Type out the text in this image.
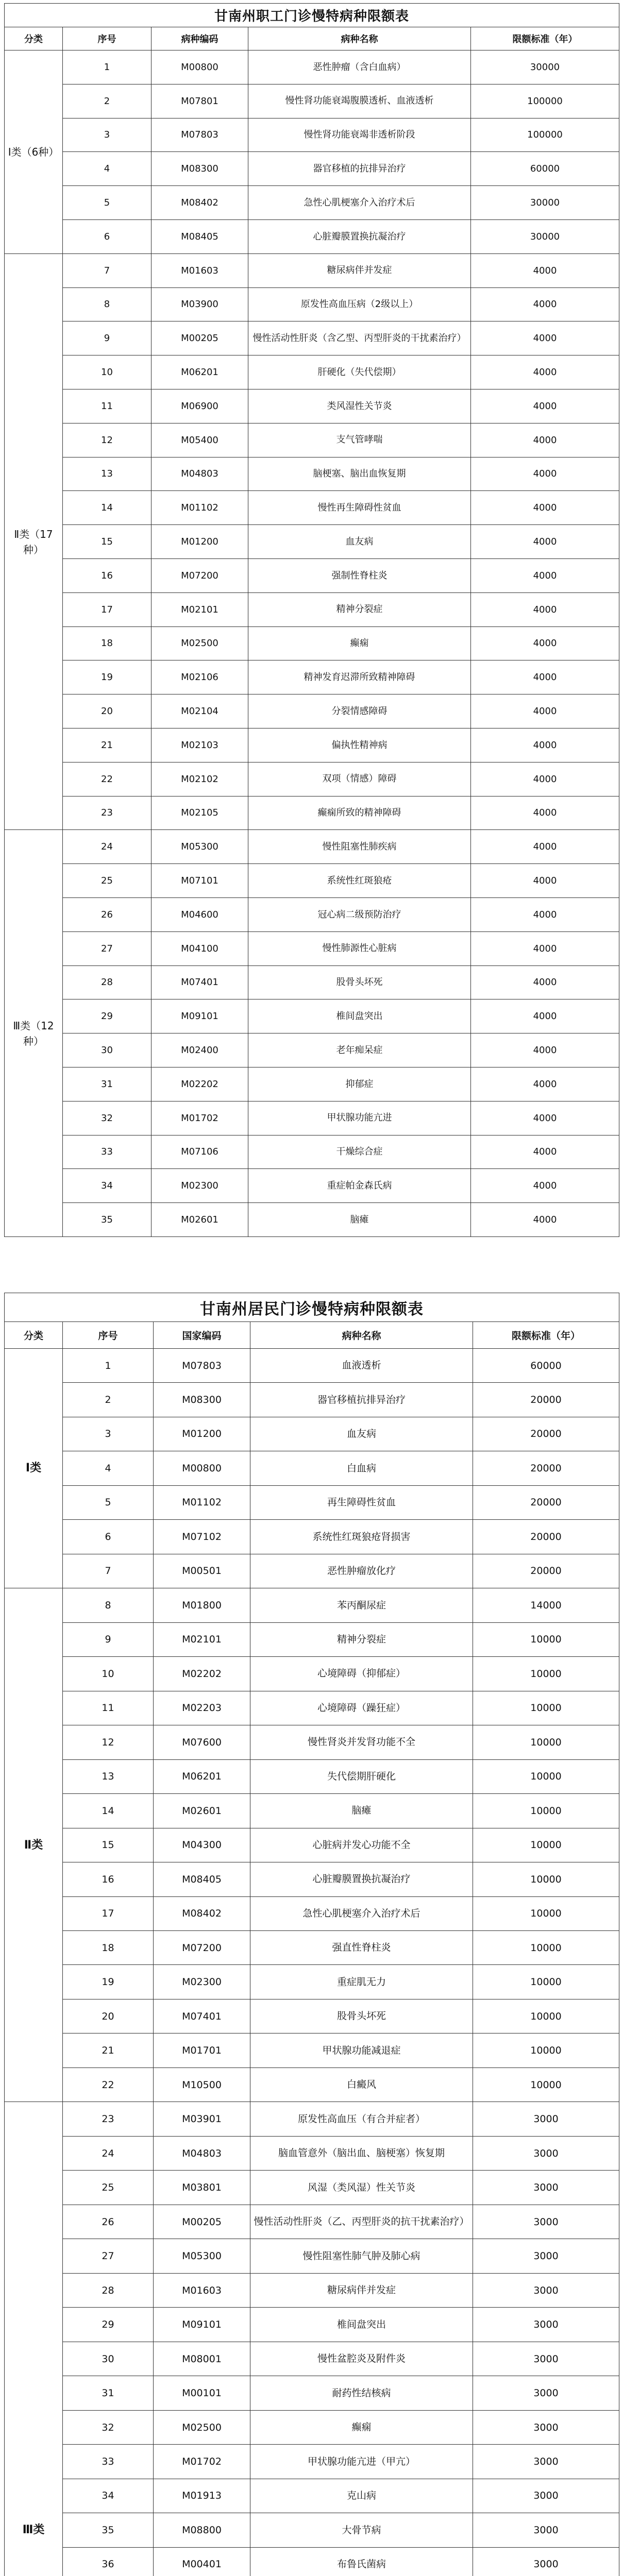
甘南州职工门诊慢特病种限额表				
分类	序号	病种编码	病种名称	限额标准（年）
Ⅰ类（6种）	1	M00800	恶性肿瘤（含白血病）	30000
	2	M07801	慢性肾功能衰竭腹膜透析、血液透析	100000
	3	M07803	慢性肾功能衰竭非透析阶段	100000
	4	M08300	器官移植的抗排异治疗	60000
	5	M08402	急性心肌梗塞介入治疗术后	30000
	6	M08405	心脏瓣膜置换抗凝治疗	30000
Ⅱ类（17种）	7	M01603	糖尿病伴并发症	4000
	8	M03900	原发性高血压病（2级以上）	4000
	9	M00205	慢性活动性肝炎（含乙型、丙型肝炎的干扰素治疗）	4000
	10	M06201	肝硬化（失代偿期）	4000
	11	M06900	类风湿性关节炎	4000
	12	M05400	支气管哮喘	4000
	13	M04803	脑梗塞、脑出血恢复期	4000
	14	M01102	慢性再生障碍性贫血	4000
	15	M01200	血友病	4000
	16	M07200	强制性脊柱炎	4000
	17	M02101	精神分裂症	4000
	18	M02500	癫痫	4000
	19	M02106	精神发育迟滞所致精神障碍	4000
	20	M02104	分裂情感障碍	4000
	21	M02103	偏执性精神病	4000
	22	M02102	双项（情感）障碍	4000
	23	M02105	癫痫所致的精神障碍	4000
Ⅲ类（12种）	24	M05300	慢性阻塞性肺疾病	4000
	25	M07101	系统性红斑狼疮	4000
	26	M04600	冠心病二级预防治疗	4000
	27	M04100	慢性肺源性心脏病	4000
	28	M07401	股骨头坏死	4000
	29	M09101	椎间盘突出	4000
	30	M02400	老年痴呆症	4000
	31	M02202	抑郁症	4000
	32	M01702	甲状腺功能亢进	4000
	33	M07106	干燥综合症	4000
	34	M02300	重症帕金森氏病	4000
	35	M02601	脑瘫	4000
甘南州居民门诊慢特病种限额表				
分类	序号	国家编码	病种名称	限额标准（年）
Ⅰ类	1	M07803	血液透析	60000
	2	M08300	器官移植抗排异治疗	20000
	3	M01200	血友病	20000
	4	M00800	白血病	20000
	5	M01102	再生障碍性贫血	20000
	6	M07102	系统性红斑狼疮肾损害	20000
	7	M00501	恶性肿瘤放化疗	20000
Ⅱ类	8	M01800	苯丙酮尿症	14000
	9	M02101	精神分裂症	10000
	10	M02202	心境障碍（抑郁症）	10000
	11	M02203	心境障碍（躁狂症）	10000
	12	M07600	慢性肾炎并发肾功能不全	10000
	13	M06201	失代偿期肝硬化	10000
	14	M02601	脑瘫	10000
	15	M04300	心脏病并发心功能不全	10000
	16	M08405	心脏瓣膜置换抗凝治疗	10000
	17	M08402	急性心肌梗塞介入治疗术后	10000
	18	M07200	强直性脊柱炎	10000
	19	M02300	重症肌无力	10000
	20	M07401	股骨头坏死	10000
	21	M01701	甲状腺功能减退症	10000
	22	M10500	白癜风	10000
Ⅲ类	23	M03901	原发性高血压（有合并症者）	3000
	24	M04803	脑血管意外（脑出血、脑梗塞）恢复期	3000
	25	M03801	风湿（类风湿）性关节炎	3000
	26	M00205	慢性活动性肝炎（乙、丙型肝炎的抗干扰素治疗）	3000
	27	M05300	慢性阻塞性肺气肿及肺心病	3000
	28	M01603	糖尿病伴并发症	3000
	29	M09101	椎间盘突出	3000
	30	M08001	慢性盆腔炎及附件炎	3000
	31	M00101	耐药性结核病	3000
	32	M02500	癫痫	3000
	33	M01702	甲状腺功能亢进（甲亢）	3000
	34	M01913	克山病	3000
	35	M08800	大骨节病	3000
	36	M00401	布鲁氏菌病	3000
